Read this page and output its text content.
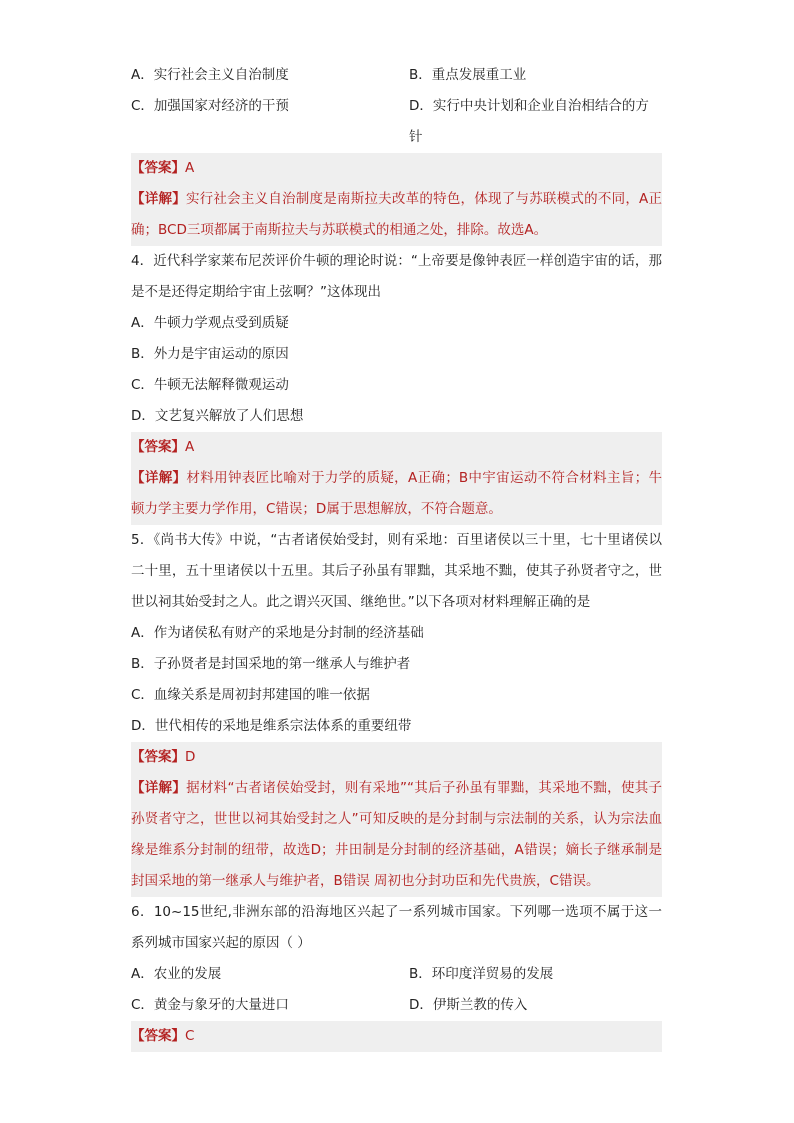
A．实行社会主义自治制度	B．重点发展重工业
C．加强国家对经济的干预	D．实行中央计划和企业自治相结合的方针
【答案】A
【详解】实行社会主义自治制度是南斯拉夫改革的特色，体现了与苏联模式的不同，A正确；BCD三项都属于南斯拉夫与苏联模式的相通之处，排除。故选A。
4．近代科学家莱布尼茨评价牛顿的理论时说：“上帝要是像钟表匠一样创造宇宙的话，那是不是还得定期给宇宙上弦啊？”这体现出
A．牛顿力学观点受到质疑
B．外力是宇宙运动的原因
C．牛顿无法解释微观运动
D．文艺复兴解放了人们思想
【答案】A
【详解】材料用钟表匠比喻对于力学的质疑，A正确；B中宇宙运动不符合材料主旨；牛顿力学主要力学作用，C错误；D属于思想解放，不符合题意。
5．《尚书大传》中说，“古者诸侯始受封，则有采地：百里诸侯以三十里，七十里诸侯以二十里，五十里诸侯以十五里。其后子孙虽有罪黜，其采地不黜，使其子孙贤者守之，世世以祠其始受封之人。此之谓兴灭国、继绝世。”以下各项对材料理解正确的是
A．作为诸侯私有财产的采地是分封制的经济基础
B．子孙贤者是封国采地的第一继承人与维护者
C．血缘关系是周初封邦建国的唯一依据
D．世代相传的采地是维系宗法体系的重要纽带
【答案】D
【详解】据材料“古者诸侯始受封，则有采地”“其后子孙虽有罪黜，其采地不黜，使其子孙贤者守之，世世以祠其始受封之人”可知反映的是分封制与宗法制的关系，认为宗法血缘是维系分封制的纽带，故选D；井田制是分封制的经济基础，A错误；嫡长子继承制是封国采地的第一继承人与维护者，B错误 周初也分封功臣和先代贵族，C错误。
6．10~15世纪,非洲东部的沿海地区兴起了一系列城市国家。下列哪一选项不属于这一系列城市国家兴起的原因（ ）
A．农业的发展	B．环印度洋贸易的发展
C．黄金与象牙的大量进口	D．伊斯兰教的传入
【答案】C
